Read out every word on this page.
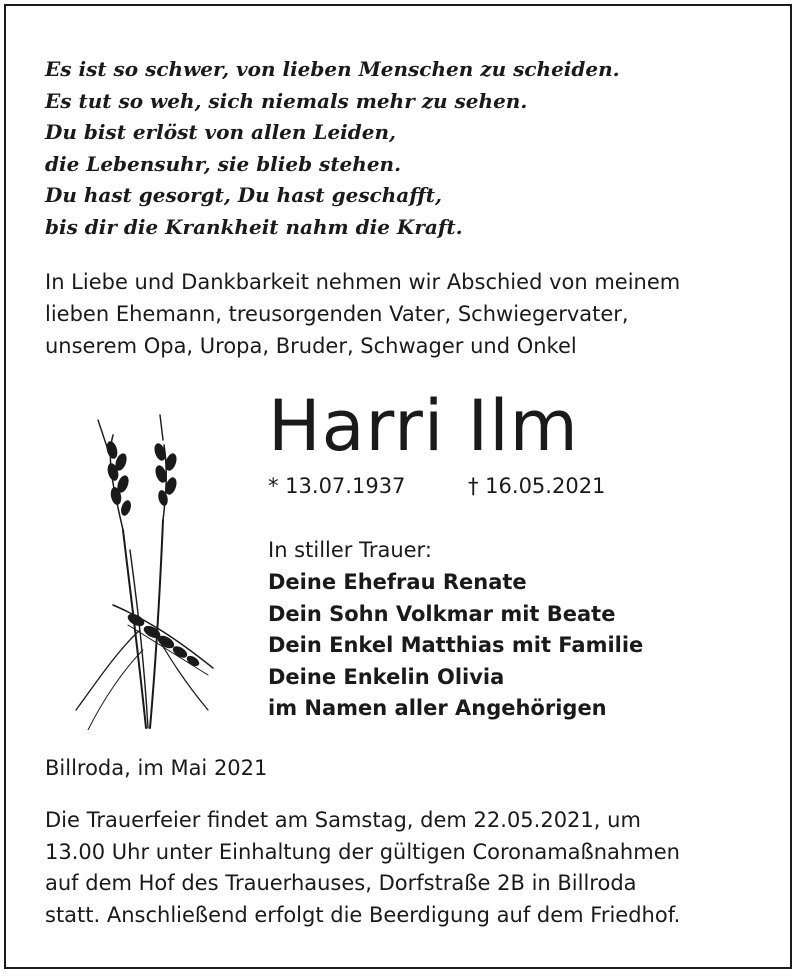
Es ist so schwer, von lieben Menschen zu scheiden.
Es tut so weh, sich niemals mehr zu sehen.
Du bist erlöst von allen Leiden,
die Lebensuhr, sie blieb stehen.
Du hast gesorgt, Du hast geschafft,
bis dir die Krankheit nahm die Kraft.
In Liebe und Dankbarkeit nehmen wir Abschied von meinem
lieben Ehemann, treusorgenden Vater, Schwiegervater,
unserem Opa, Uropa, Bruder, Schwager und Onkel
Harri Ilm
* 13.07.1937	† 16.05.2021
In stiller Trauer:
Deine Ehefrau Renate
Dein Sohn Volkmar mit Beate
Dein Enkel Matthias mit Familie
Deine Enkelin Olivia
im Namen aller Angehörigen
Billroda, im Mai 2021
Die Trauerfeier findet am Samstag, dem 22.05.2021, um
13.00 Uhr unter Einhaltung der gültigen Coronamaßnahmen
auf dem Hof des Trauerhauses, Dorfstraße 2B in Billroda
statt. Anschließend erfolgt die Beerdigung auf dem Friedhof.
